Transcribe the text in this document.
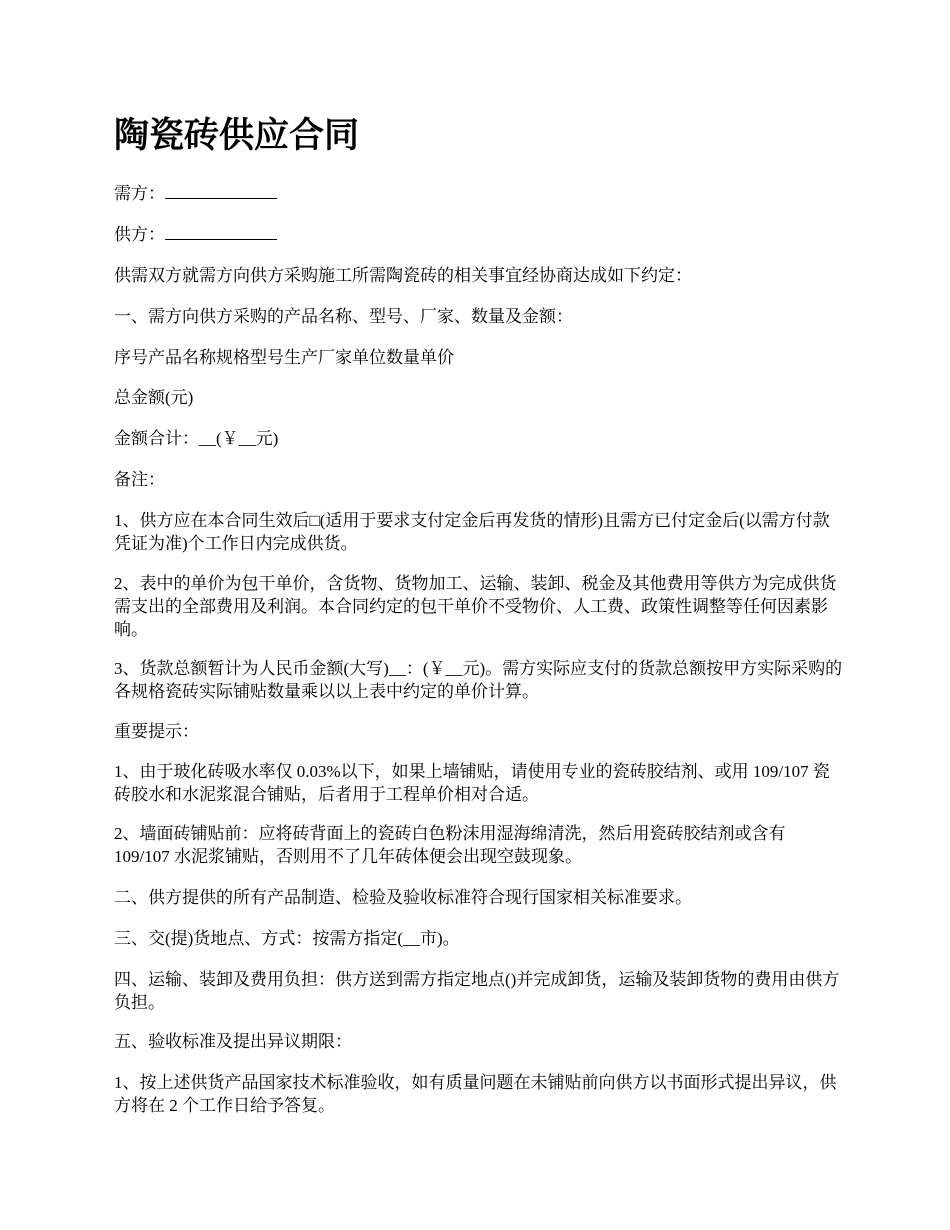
陶瓷砖供应合同

需方：

供方：

供需双方就需方向供方采购施工所需陶瓷砖的相关事宜经协商达成如下约定：

一、需方向供方采购的产品名称、型号、厂家、数量及金额：

序号产品名称规格型号生产厂家单位数量单价

总金额(元)

金额合计：__(￥__元)

备注：

1、供方应在本合同生效后□(适用于要求支付定金后再发货的情形)且需方已付定金后(以需方付款凭证为准)个工作日内完成供货。

2、表中的单价为包干单价，含货物、货物加工、运输、装卸、税金及其他费用等供方为完成供货需支出的全部费用及利润。本合同约定的包干单价不受物价、人工费、政策性调整等任何因素影响。

3、货款总额暂计为人民币金额(大写)__：(￥__元)。需方实际应支付的货款总额按甲方实际采购的各规格瓷砖实际铺贴数量乘以以上表中约定的单价计算。

重要提示：

1、由于玻化砖吸水率仅 0.03%以下，如果上墙铺贴，请使用专业的瓷砖胶结剂、或用 109/107 瓷砖胶水和水泥浆混合铺贴，后者用于工程单价相对合适。

2、墙面砖铺贴前：应将砖背面上的瓷砖白色粉沫用湿海绵清洗，然后用瓷砖胶结剂或含有 109/107 水泥浆铺贴，否则用不了几年砖体便会出现空鼓现象。

二、供方提供的所有产品制造、检验及验收标准符合现行国家相关标准要求。

三、交(提)货地点、方式：按需方指定(__市)。

四、运输、装卸及费用负担：供方送到需方指定地点()并完成卸货，运输及装卸货物的费用由供方负担。

五、验收标准及提出异议期限：

1、按上述供货产品国家技术标准验收，如有质量问题在未铺贴前向供方以书面形式提出异议，供方将在 2 个工作日给予答复。
